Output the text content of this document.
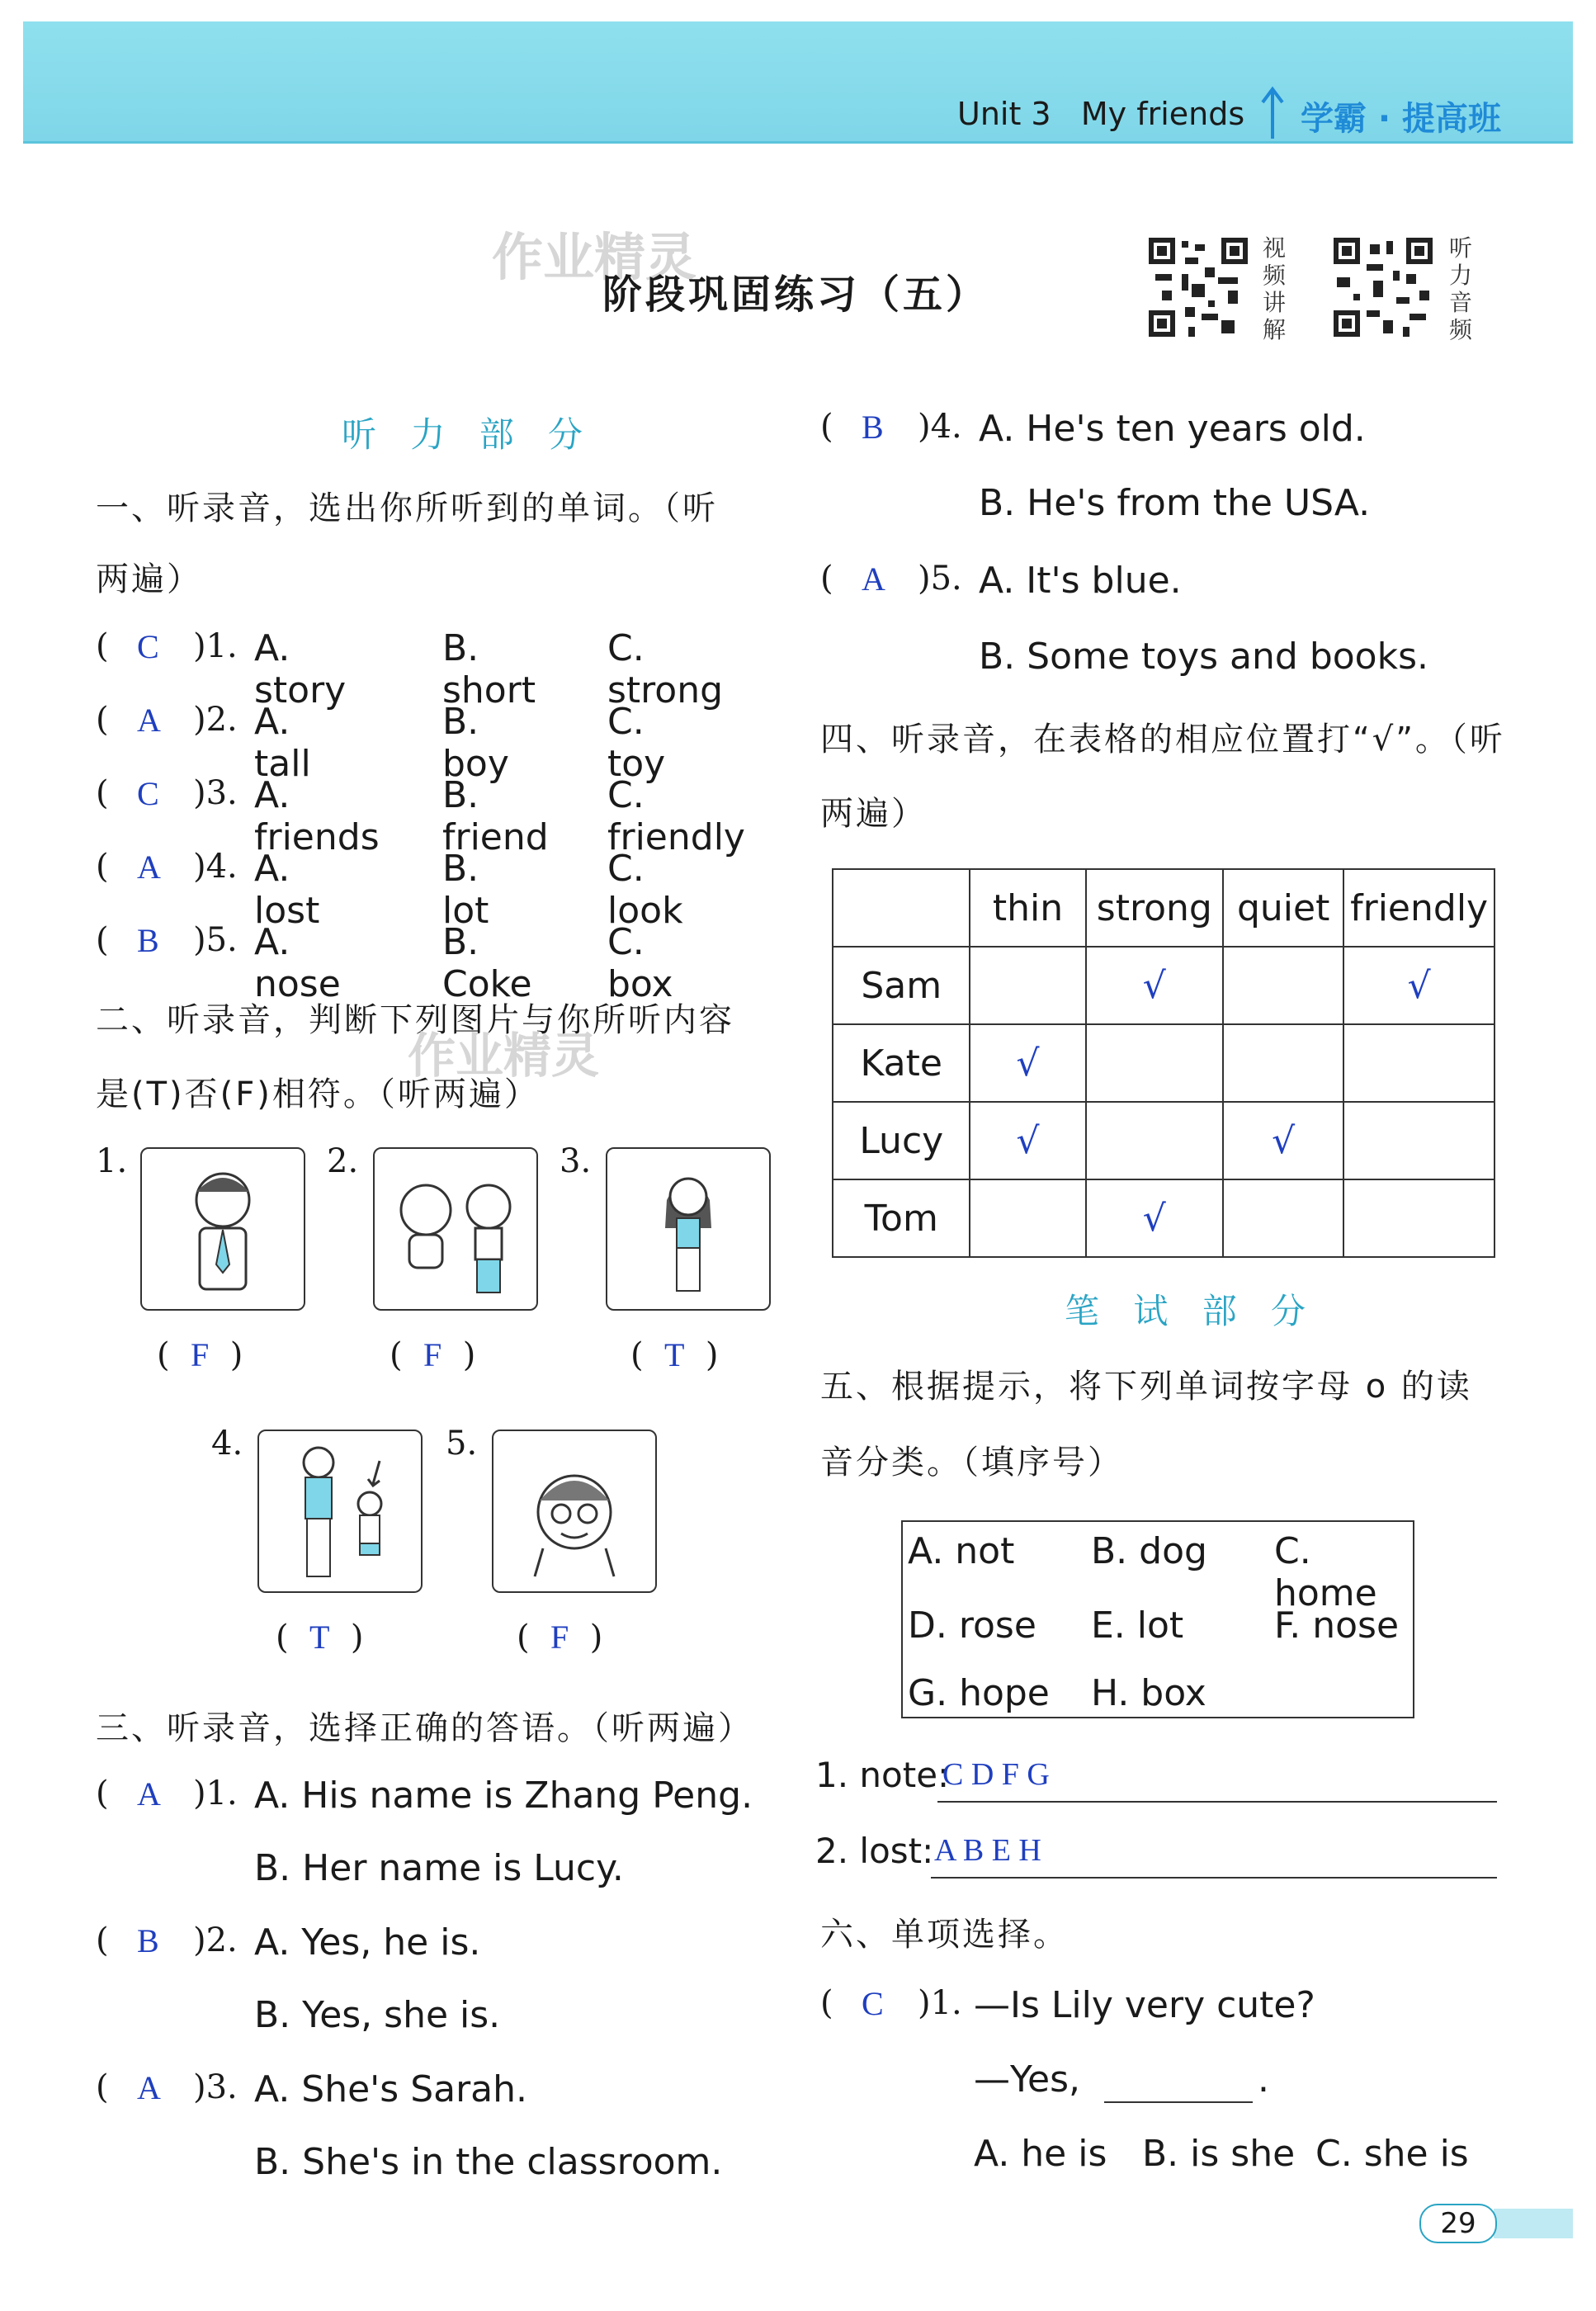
Unit 3 My friends 学霸 · 提高班
作业精灵
阶段巩固练习（五）
视频讲解
听力音频
听 力 部 分
一、听录音，选出你所听到的单词。（听
两遍）
( C )1. A. story
B. short
C. strong
( A )2. A. tall
B. boy
C. toy
( C )3. A. friends
B. friend
C. friendly
( A )4. A. lost
B. lot
C. look
( B )5. A. nose
B. Coke
C. box
二、听录音，判断下列图片与你所听内容
作业精灵
是(T)否(F)相符。（听两遍）
1.	2.	3.
(  F  )	(  F  )	(  T  )
4.	5.
(  T  )	(  F  )
三、听录音，选择正确的答语。（听两遍）
( A )1. A. His name is Zhang Peng.
B. Her name is Lucy.
( B )2. A. Yes, he is.
B. Yes, she is.
( A )3. A. She's Sarah.
B. She's in the classroom.
( B )4. A. He's ten years old.
B. He's from the USA.
( A )5. A. It's blue.
B. Some toys and books.
四、听录音，在表格的相应位置打“√”。（听
两遍）
	thin	strong	quiet	friendly
Sam		√		√
Kate	√			
Lucy	√		√	
Tom		√		
笔 试 部 分
五、根据提示，将下列单词按字母 o 的读
音分类。（填序号）
A. not B. dog C. home
D. rose E. lot F. nose
G. hope H. box
1. note:
C D F G
2. lost: A B E H
六、单项选择。
( C )1. —Is Lily very cute?
—Yes,	.
A. he is B. is she C. she is
29
